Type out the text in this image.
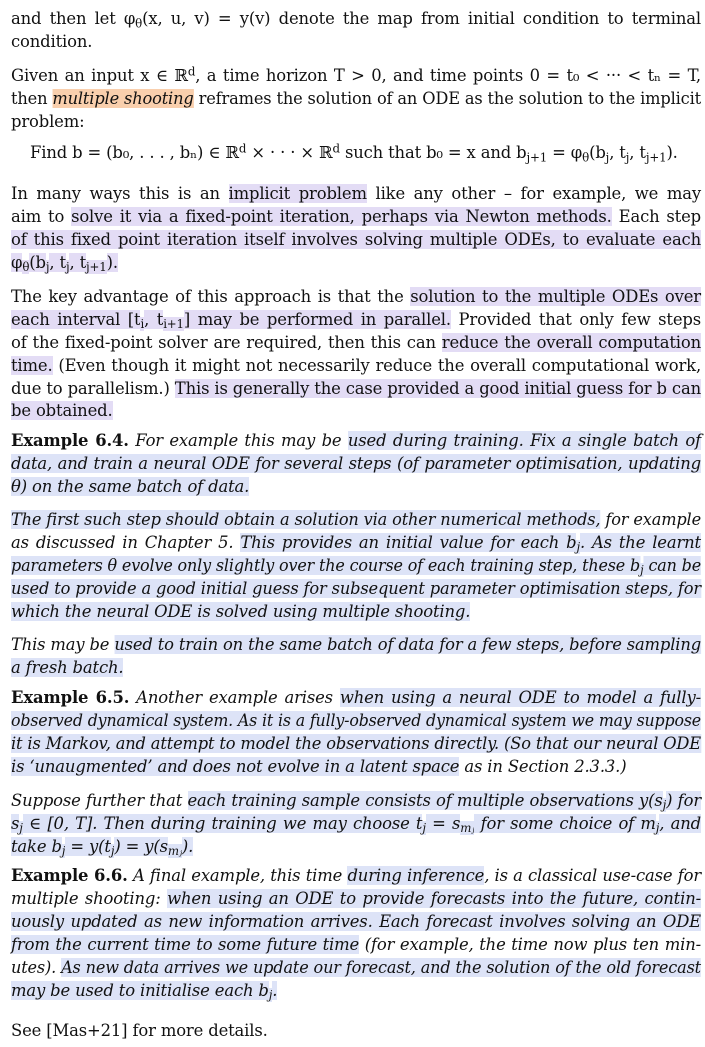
and then let $\varphi_\theta(x$, u, v) = y(v) denote the map from initial condition to terminal
condition.
Given an input x ∈ ℝ$^d$, a time horizon T > 0, and time points 0 = t₀ < ··· < tₙ = T,
then multiple shooting reframes the solution of an ODE as the solution to the implicit
problem:
Find b = (b₀, . . . , bₙ) ∈ ℝ$^d$ × · · · × ℝ$^d$ such that b₀ = x and $b_{j+1} = \varphi_\theta(b_j$, $t_j$, $t_{j+1}$).
In many ways this is an implicit problem like any other – for example, we may
aim to solve it via a fixed-point iteration, perhaps via Newton methods. Each step
of this fixed point iteration itself involves solving multiple ODEs, to evaluate each
$\varphi_\theta(b_j$, $t_j$, $t_{j+1}$).
The key advantage of this approach is that the solution to the multiple ODEs over
each interval [$t_i$, $t_{i+1}$] may be performed in parallel. Provided that only few steps
of the fixed-point solver are required, then this can reduce the overall computation
time. (Even though it might not necessarily reduce the overall computational work,
due to parallelism.) This is generally the case provided a good initial guess for b can
be obtained.
Example 6.4. For example this may be used during training. Fix a single batch of
data, and train a neural ODE for several steps (of parameter optimisation, updating
θ) on the same batch of data.
The first such step should obtain a solution via other numerical methods, for example
as discussed in Chapter 5. This provides an initial value for each $b_j$. As the learnt
parameters θ evolve only slightly over the course of each training step, these $b_j$ can be
used to provide a good initial guess for subsequent parameter optimisation steps, for
which the neural ODE is solved using multiple shooting.
This may be used to train on the same batch of data for a few steps, before sampling
a fresh batch.
Example 6.5. Another example arises when using a neural ODE to model a fully-
observed dynamical system. As it is a fully-observed dynamical system we may suppose
it is Markov, and attempt to model the observations directly. (So that our neural ODE
is ‘unaugmented’ and does not evolve in a latent space as in Section 2.3.3.)
Suppose further that each training sample consists of multiple observations $y(s_j)$ for
$s_j$ ∈ [0, T]. Then during training we may choose $t_j = s_{mⱼ}$ for some choice of $m_j$, and
take $b_j = y(t_j) = y(s_{mⱼ})$.
Example 6.6. A final example, this time during inference, is a classical use-case for
multiple shooting: when using an ODE to provide forecasts into the future, contin-
uously updated as new information arrives. Each forecast involves solving an ODE
from the current time to some future time (for example, the time now plus ten min-
utes). As new data arrives we update our forecast, and the solution of the old forecast
may be used to initialise each $b_j$.
See [Mas+21] for more details.
